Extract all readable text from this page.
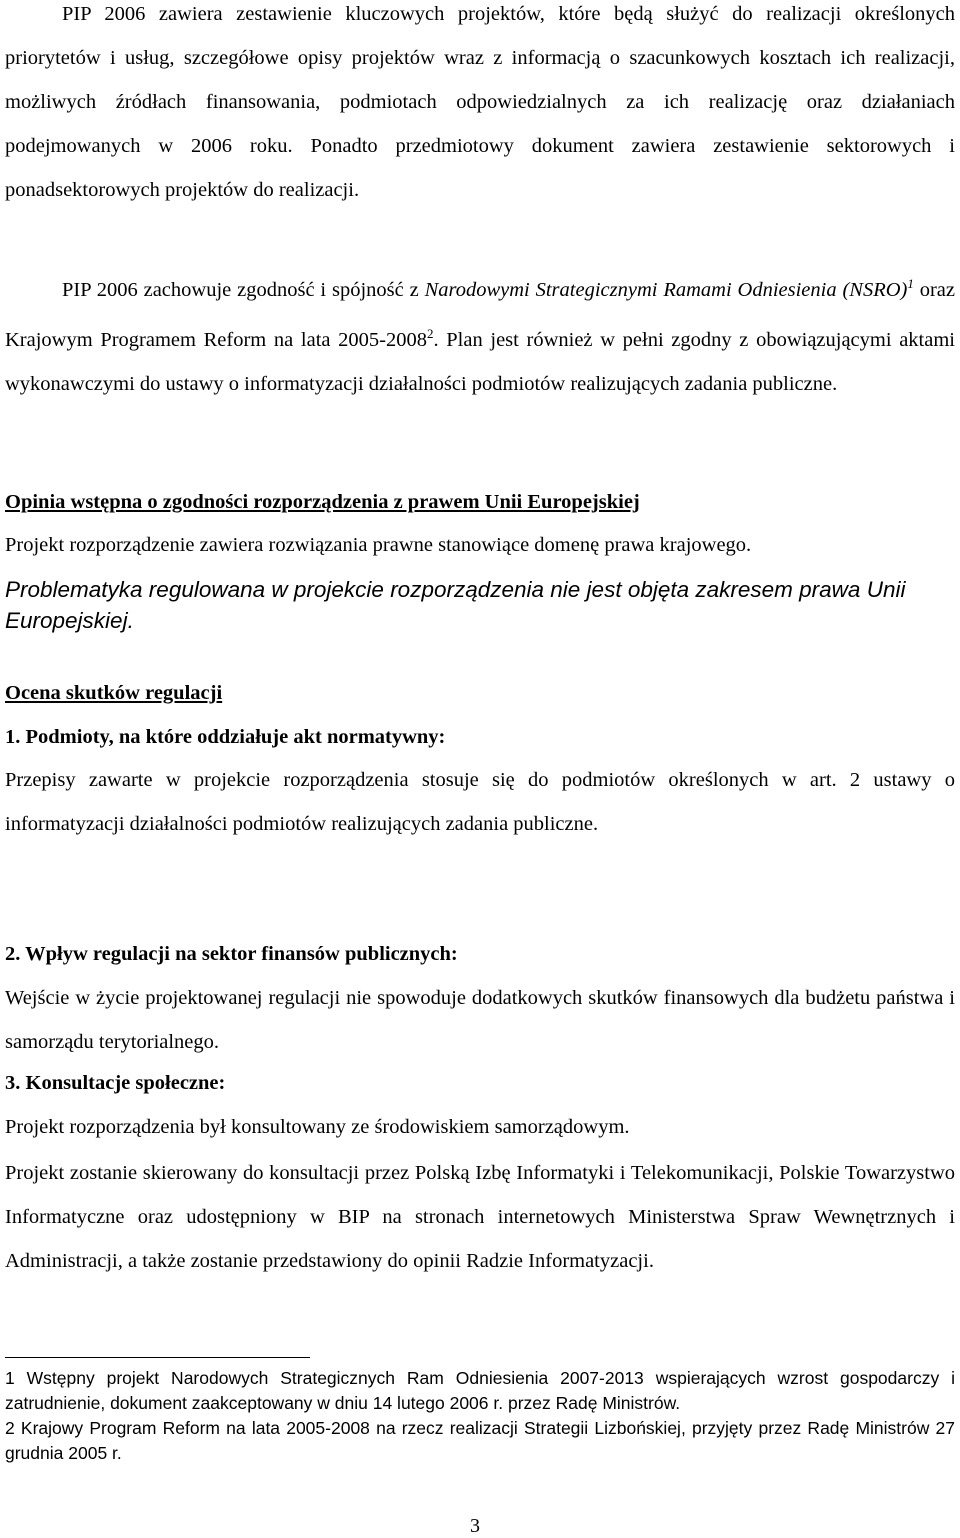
PIP 2006 zawiera zestawienie kluczowych projektów, które będą służyć do realizacji określonych priorytetów i usług, szczegółowe opisy projektów wraz z informacją o szacunkowych kosztach ich realizacji, możliwych źródłach finansowania, podmiotach odpowiedzialnych za ich realizację oraz działaniach podejmowanych w 2006 roku. Ponadto przedmiotowy dokument zawiera zestawienie sektorowych i ponadsektorowych projektów do realizacji.

PIP 2006 zachowuje zgodność i spójność z Narodowymi Strategicznymi Ramami Odniesienia (NSRO)$^1$ oraz Krajowym Programem Reform na lata 2005-2008$^2$. Plan jest również w pełni zgodny z obowiązującymi aktami wykonawczymi do ustawy o informatyzacji działalności podmiotów realizujących zadania publiczne.

Opinia wstępna o zgodności rozporządzenia z prawem Unii Europejskiej

Projekt rozporządzenie zawiera rozwiązania prawne stanowiące domenę prawa krajowego.

Problematyka regulowana w projekcie rozporządzenia nie jest objęta zakresem prawa Unii Europejskiej.

Ocena skutków regulacji

1. Podmioty, na które oddziałuje akt normatywny:

Przepisy zawarte w projekcie rozporządzenia stosuje się do podmiotów określonych w art. 2 ustawy o informatyzacji działalności podmiotów realizujących zadania publiczne.

2. Wpływ regulacji na sektor finansów publicznych:

Wejście w życie projektowanej regulacji nie spowoduje dodatkowych skutków finansowych dla budżetu państwa i samorządu terytorialnego.

3. Konsultacje społeczne:

Projekt rozporządzenia był konsultowany ze środowiskiem samorządowym.

Projekt zostanie skierowany do konsultacji przez Polską Izbę Informatyki i Telekomunikacji, Polskie Towarzystwo Informatyczne oraz udostępniony w BIP na stronach internetowych Ministerstwa Spraw Wewnętrznych i Administracji, a także zostanie przedstawiony do opinii Radzie Informatyzacji.

1 Wstępny projekt Narodowych Strategicznych Ram Odniesienia 2007-2013 wspierających wzrost gospodarczy i zatrudnienie, dokument zaakceptowany w dniu 14 lutego 2006 r. przez Radę Ministrów.

2 Krajowy Program Reform na lata 2005-2008 na rzecz realizacji Strategii Lizbońskiej, przyjęty przez Radę Ministrów 27 grudnia 2005 r.

3
